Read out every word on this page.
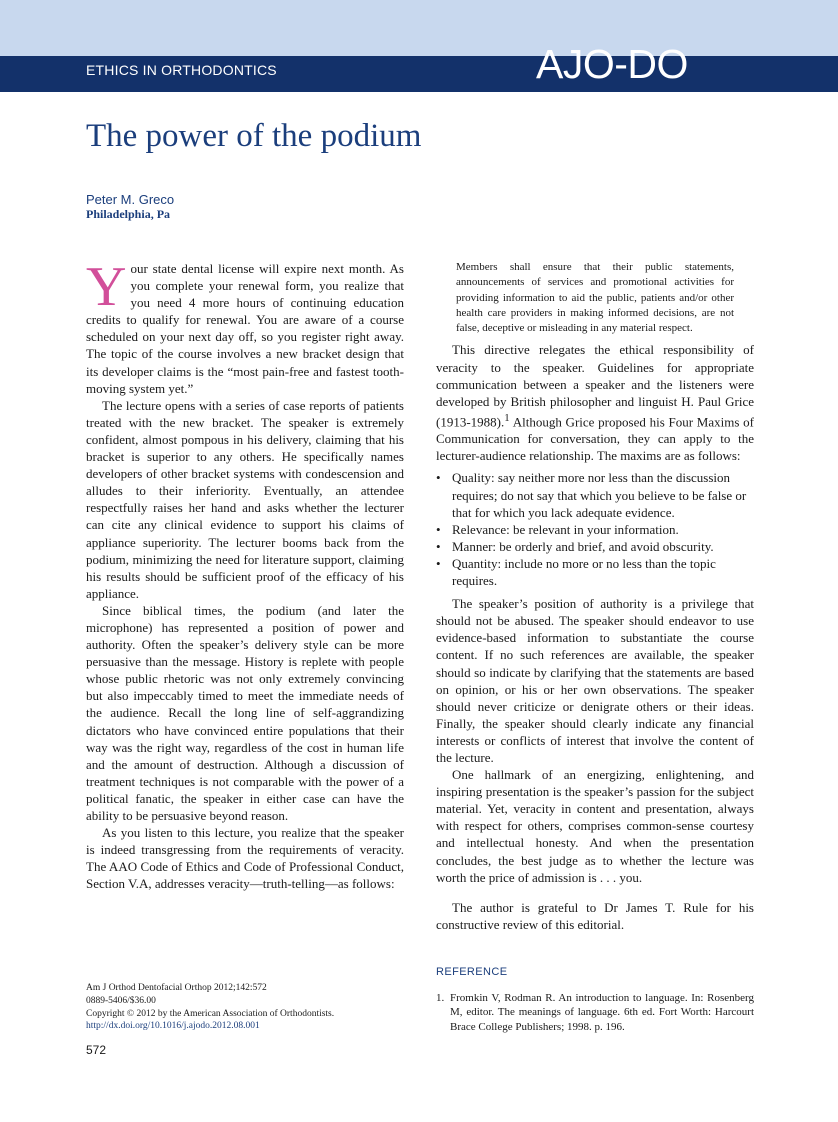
ETHICS IN ORTHODONTICS	AJO-DO
The power of the podium
Peter M. Greco
Philadelphia, Pa

Your state dental license will expire next month. As you complete your renewal form, you realize that you need 4 more hours of continuing education credits to qualify for renewal. You are aware of a course scheduled on your next day off, so you register right away. The topic of the course involves a new bracket design that its developer claims is the “most pain-free and fastest tooth-moving system yet.”

The lecture opens with a series of case reports of patients treated with the new bracket. The speaker is extremely confident, almost pompous in his delivery, claiming that his bracket is superior to any others. He specifically names developers of other bracket systems with condescension and alludes to their inferiority. Eventually, an attendee respectfully raises her hand and asks whether the lecturer can cite any clinical evidence to support his claims of appliance superiority. The lecturer booms back from the podium, minimizing the need for literature support, claiming his results should be sufficient proof of the efficacy of his appliance.

Since biblical times, the podium (and later the microphone) has represented a position of power and authority. Often the speaker’s delivery style can be more persuasive than the message. History is replete with people whose public rhetoric was not only extremely convincing but also impeccably timed to meet the immediate needs of the audience. Recall the long line of self-aggrandizing dictators who have convinced entire populations that their way was the right way, regardless of the cost in human life and the amount of destruction. Although a discussion of treatment techniques is not comparable with the power of a political fanatic, the speaker in either case can have the ability to be persuasive beyond reason.

As you listen to this lecture, you realize that the speaker is indeed transgressing from the requirements of veracity. The AAO Code of Ethics and Code of Professional Conduct, Section V.A, addresses veracity—truth-telling—as follows:

Members shall ensure that their public statements, announcements of services and promotional activities for providing information to aid the public, patients and/or other health care providers in making informed decisions, are not false, deceptive or misleading in any material respect.

This directive relegates the ethical responsibility of veracity to the speaker. Guidelines for appropriate communication between a speaker and the listeners were developed by British philosopher and linguist H. Paul Grice (1913-1988).$^1$ Although Grice proposed his Four Maxims of Communication for conversation, they can apply to the lecturer-audience relationship. The maxims are as follows:

• Quality: say neither more nor less than the discussion requires; do not say that which you believe to be false or that for which you lack adequate evidence.
• Relevance: be relevant in your information.
• Manner: be orderly and brief, and avoid obscurity.
• Quantity: include no more or no less than the topic requires.

The speaker’s position of authority is a privilege that should not be abused. The speaker should endeavor to use evidence-based information to substantiate the course content. If no such references are available, the speaker should so indicate by clarifying that the statements are based on opinion, or his or her own observations. The speaker should never criticize or denigrate others or their ideas. Finally, the speaker should clearly indicate any financial interests or conflicts of interest that involve the content of the lecture.

One hallmark of an energizing, enlightening, and inspiring presentation is the speaker’s passion for the subject material. Yet, veracity in content and presentation, always with respect for others, comprises common-sense courtesy and intellectual honesty. And when the presentation concludes, the best judge as to whether the lecture was worth the price of admission is . . . you.

The author is grateful to Dr James T. Rule for his constructive review of this editorial.

REFERENCE
1. Fromkin V, Rodman R. An introduction to language. In: Rosenberg M, editor. The meanings of language. 6th ed. Fort Worth: Harcourt Brace College Publishers; 1998. p. 196.
Am J Orthod Dentofacial Orthop 2012;142:572
0889-5406/$36.00
Copyright © 2012 by the American Association of Orthodontists.
http://dx.doi.org/10.1016/j.ajodo.2012.08.001
572
